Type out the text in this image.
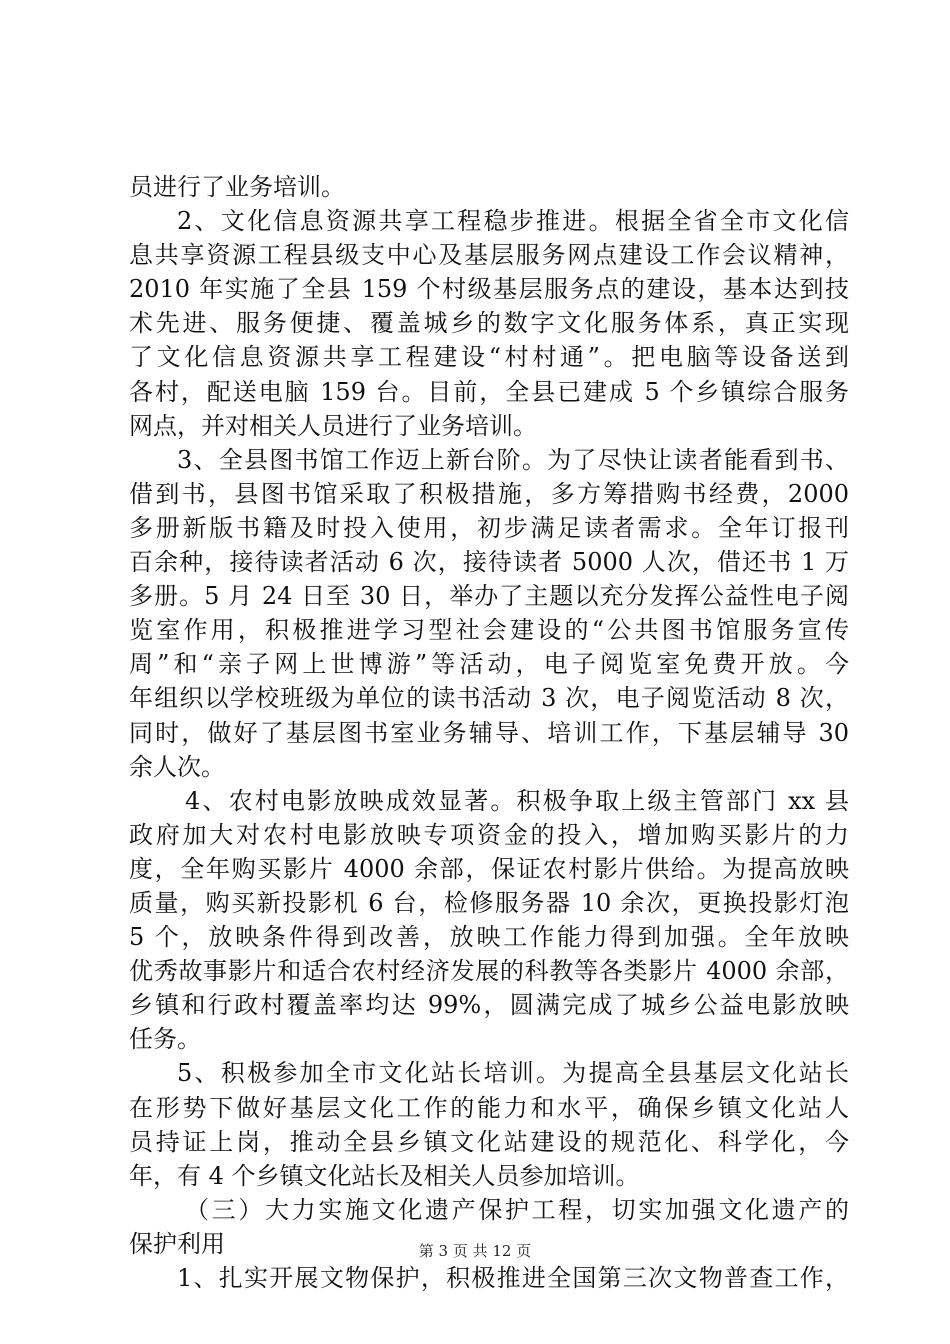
员进行了业务培训。
2、文化信息资源共享工程稳步推进。根据全省全市文化信
息共享资源工程县级支中心及基层服务网点建设工作会议精神，
2010 年实施了全县 159 个村级基层服务点的建设，基本达到技
术先进、服务便捷、覆盖城乡的数字文化服务体系，真正实现
了文化信息资源共享工程建设“村村通”。把电脑等设备送到
各村，配送电脑 159 台。目前，全县已建成 5 个乡镇综合服务
网点，并对相关人员进行了业务培训。
3、全县图书馆工作迈上新台阶。为了尽快让读者能看到书、
借到书，县图书馆采取了积极措施，多方筹措购书经费，2000
多册新版书籍及时投入使用，初步满足读者需求。全年订报刊
百余种，接待读者活动 6 次，接待读者 5000 人次，借还书 1 万
多册。5 月 24 日至 30 日，举办了主题以充分发挥公益性电子阅
览室作用，积极推进学习型社会建设的“公共图书馆服务宣传
周”和“亲子网上世博游”等活动，电子阅览室免费开放。今
年组织以学校班级为单位的读书活动 3 次，电子阅览活动 8 次，
同时，做好了基层图书室业务辅导、培训工作，下基层辅导 30
余人次。
4、农村电影放映成效显著。积极争取上级主管部门 xx 县
政府加大对农村电影放映专项资金的投入，增加购买影片的力
度，全年购买影片 4000 余部，保证农村影片供给。为提高放映
质量，购买新投影机 6 台，检修服务器 10 余次，更换投影灯泡
5 个，放映条件得到改善，放映工作能力得到加强。全年放映
优秀故事影片和适合农村经济发展的科教等各类影片 4000 余部，
乡镇和行政村覆盖率均达 99%，圆满完成了城乡公益电影放映
任务。
5、积极参加全市文化站长培训。为提高全县基层文化站长
在形势下做好基层文化工作的能力和水平，确保乡镇文化站人
员持证上岗，推动全县乡镇文化站建设的规范化、科学化，今
年，有 4 个乡镇文化站长及相关人员参加培训。
（三）大力实施文化遗产保护工程，切实加强文化遗产的
保护利用
1、扎实开展文物保护，积极推进全国第三次文物普查工作，
第 3 页 共 12 页
